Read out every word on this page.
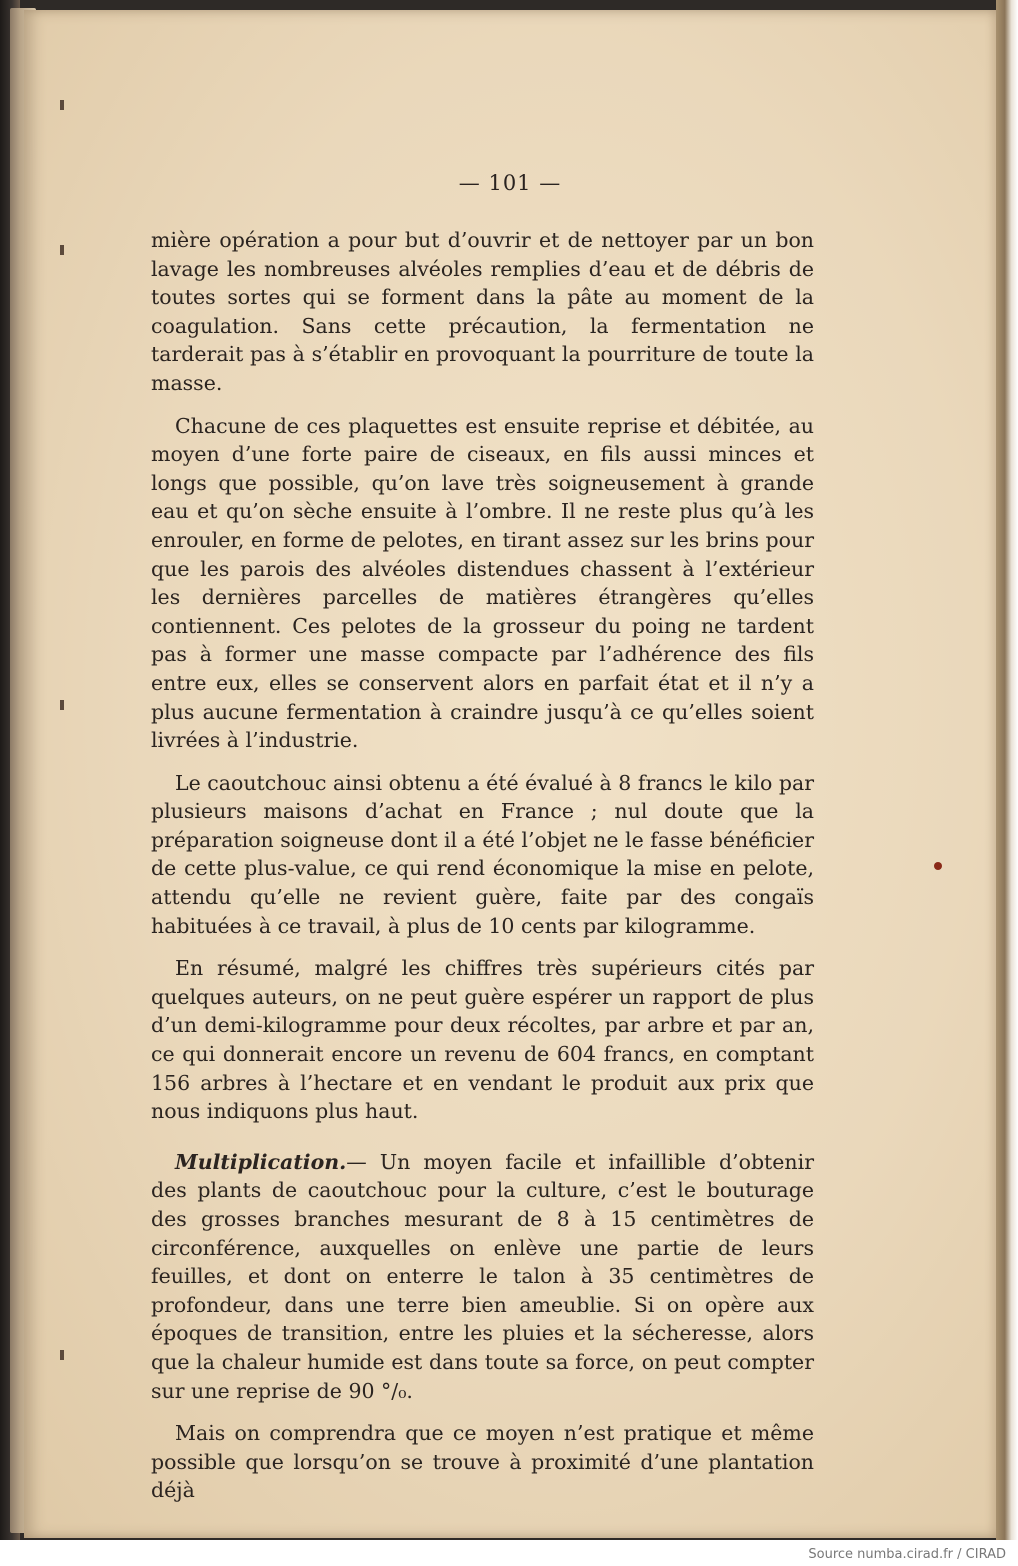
— 101 —

mière opération a pour but d’ouvrir et de nettoyer par un bon lavage les nombreuses alvéoles remplies d’eau et de débris de toutes sortes qui se forment dans la pâte au moment de la coagulation. Sans cette précaution, la fermentation ne tarderait pas à s’établir en provoquant la pourriture de toute la masse.

Chacune de ces plaquettes est ensuite reprise et débitée, au moyen d’une forte paire de ciseaux, en fils aussi minces et longs que possible, qu’on lave très soigneusement à grande eau et qu’on sèche ensuite à l’ombre. Il ne reste plus qu’à les enrouler, en forme de pelotes, en tirant assez sur les brins pour que les parois des alvéoles distendues chassent à l’extérieur les dernières parcelles de matières étrangères qu’elles contiennent. Ces pelotes de la grosseur du poing ne tardent pas à former une masse compacte par l’adhérence des fils entre eux, elles se conservent alors en parfait état et il n’y a plus aucune fermentation à craindre jusqu’à ce qu’elles soient livrées à l’industrie.

Le caoutchouc ainsi obtenu a été évalué à 8 francs le kilo par plusieurs maisons d’achat en France ; nul doute que la préparation soigneuse dont il a été l’objet ne le fasse bénéficier de cette plus-value, ce qui rend économique la mise en pelote, attendu qu’elle ne revient guère, faite par des congaïs habituées à ce travail, à plus de 10 cents par kilogramme.

En résumé, malgré les chiffres très supérieurs cités par quelques auteurs, on ne peut guère espérer un rapport de plus d’un demi-kilogramme pour deux récoltes, par arbre et par an, ce qui donnerait encore un revenu de 604 francs, en comptant 156 arbres à l’hectare et en vendant le produit aux prix que nous indiquons plus haut.

Multiplication.— Un moyen facile et infaillible d’obtenir des plants de caoutchouc pour la culture, c’est le bouturage des grosses branches mesurant de 8 à 15 centimètres de circonférence, auxquelles on enlève une partie de leurs feuilles, et dont on enterre le talon à 35 centimètres de profondeur, dans une terre bien ameublie. Si on opère aux époques de transition, entre les pluies et la sécheresse, alors que la chaleur humide est dans toute sa force, on peut compter sur une reprise de 90 °/₀.

Mais on comprendra que ce moyen n’est pratique et même possible que lorsqu’on se trouve à proximité d’une plantation déjà

Source numba.cirad.fr / CIRAD
